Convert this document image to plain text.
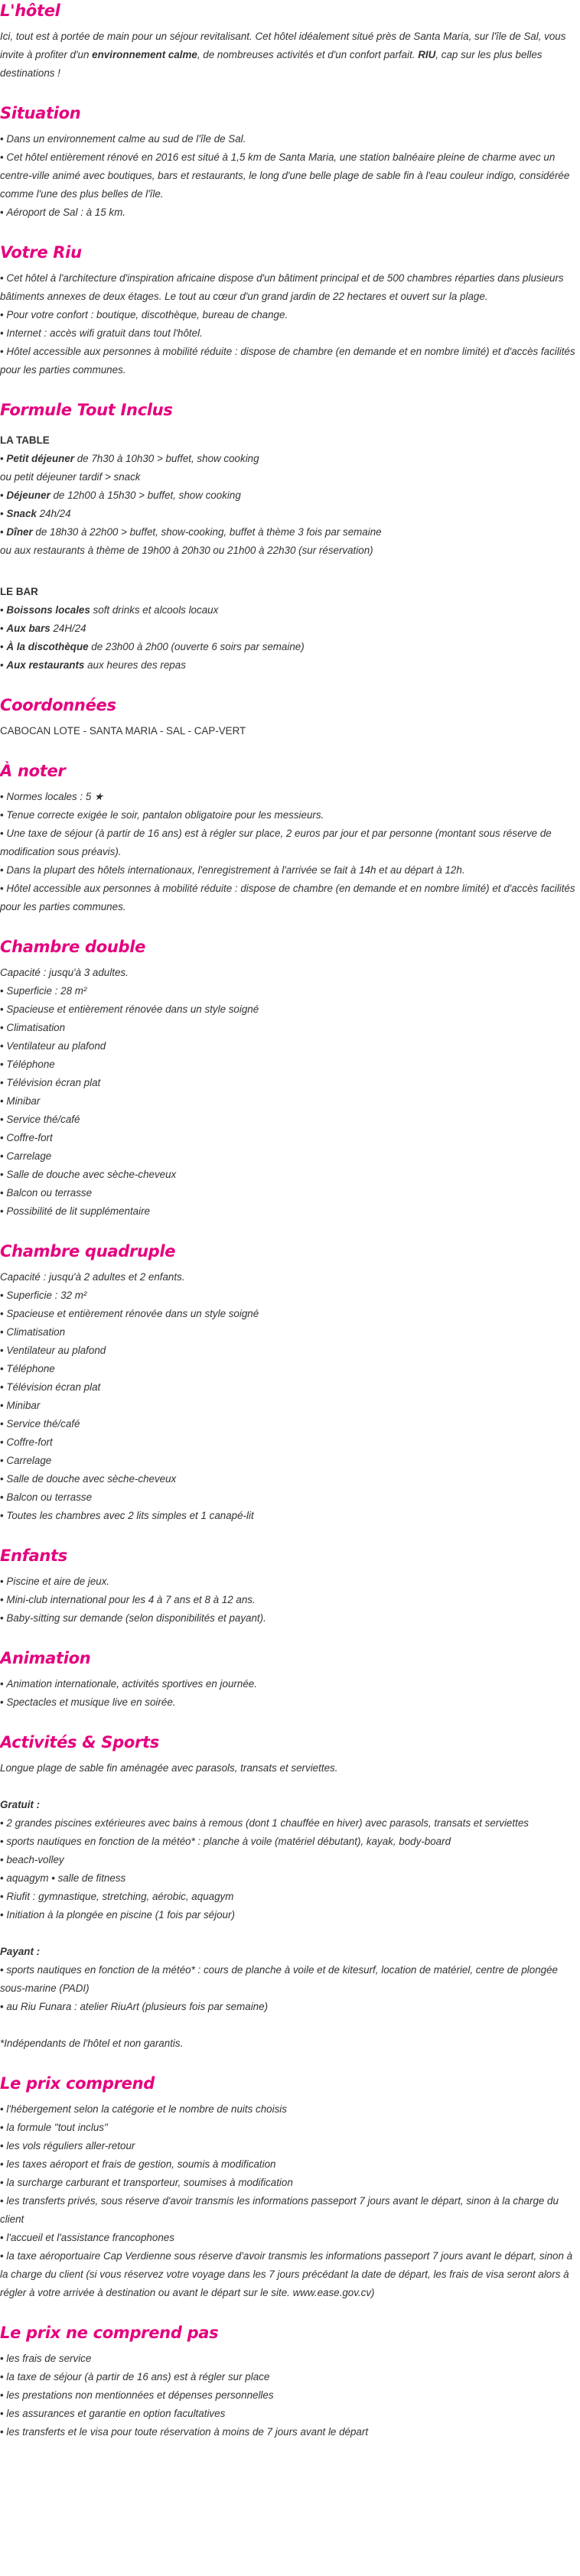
L'hôtel

Ici, tout est à portée de main pour un séjour revitalisant. Cet hôtel idéalement situé près de Santa Maria, sur l'île de Sal, vous invite à profiter d'un environnement calme, de nombreuses activités et d'un confort parfait. RIU, cap sur les plus belles destinations !

Situation
• Dans un environnement calme au sud de l'île de Sal.
• Cet hôtel entièrement rénové en 2016 est situé à 1,5 km de Santa Maria, une station balnéaire pleine de charme avec un centre-ville animé avec boutiques, bars et restaurants, le long d'une belle plage de sable fin à l'eau couleur indigo, considérée comme l'une des plus belles de l'île.
• Aéroport de Sal : à 15 km.
Votre Riu
• Cet hôtel à l'architecture d'inspiration africaine dispose d'un bâtiment principal et de 500 chambres réparties dans plusieurs bâtiments annexes de deux étages. Le tout au cœur d'un grand jardin de 22 hectares et ouvert sur la plage.
• Pour votre confort : boutique, discothèque, bureau de change.
• Internet : accès wifi gratuit dans tout l'hôtel.
• Hôtel accessible aux personnes à mobilité réduite : dispose de chambre (en demande et en nombre limité) et d'accès facilités pour les parties communes.
Formule Tout Inclus
LA TABLE
• Petit déjeuner de 7h30 à 10h30 > buffet, show cooking
ou petit déjeuner tardif > snack
• Déjeuner de 12h00 à 15h30 > buffet, show cooking
• Snack 24h/24
• Dîner de 18h30 à 22h00 > buffet, show-cooking, buffet à thème 3 fois par semaine
ou aux restaurants à thème de 19h00 à 20h30 ou 21h00 à 22h30 (sur réservation)
LE BAR
• Boissons locales soft drinks et alcools locaux
• Aux bars 24H/24
• À la discothèque de 23h00 à 2h00 (ouverte 6 soirs par semaine)
• Aux restaurants aux heures des repas
Coordonnées
CABOCAN LOTE - SANTA MARIA - SAL - CAP-VERT
À noter
• Normes locales : 5 ★
• Tenue correcte exigée le soir, pantalon obligatoire pour les messieurs.
• Une taxe de séjour (à partir de 16 ans) est à régler sur place, 2 euros par jour et par personne (montant sous réserve de modification sous préavis).
• Dans la plupart des hôtels internationaux, l'enregistrement à l'arrivée se fait à 14h et au départ à 12h.
• Hôtel accessible aux personnes à mobilité réduite : dispose de chambre (en demande et en nombre limité) et d'accès facilités pour les parties communes.
Chambre double
Capacité : jusqu'à 3 adultes.
• Superficie : 28 m²
• Spacieuse et entièrement rénovée dans un style soigné
• Climatisation
• Ventilateur au plafond
• Téléphone
• Télévision écran plat
• Minibar
• Service thé/café
• Coffre-fort
• Carrelage
• Salle de douche avec sèche-cheveux
• Balcon ou terrasse
• Possibilité de lit supplémentaire
Chambre quadruple
Capacité : jusqu'à 2 adultes et 2 enfants.
• Superficie : 32 m²
• Spacieuse et entièrement rénovée dans un style soigné
• Climatisation
• Ventilateur au plafond
• Téléphone
• Télévision écran plat
• Minibar
• Service thé/café
• Coffre-fort
• Carrelage
• Salle de douche avec sèche-cheveux
• Balcon ou terrasse
• Toutes les chambres avec 2 lits simples et 1 canapé-lit
Enfants
• Piscine et aire de jeux.
• Mini-club international pour les 4 à 7 ans et 8 à 12 ans.
• Baby-sitting sur demande (selon disponibilités et payant).
Animation
• Animation internationale, activités sportives en journée.
• Spectacles et musique live en soirée.
Activités & Sports
Longue plage de sable fin aménagée avec parasols, transats et serviettes.
Gratuit :
• 2 grandes piscines extérieures avec bains à remous (dont 1 chauffée en hiver) avec parasols, transats et serviettes
• sports nautiques en fonction de la météo* : planche à voile (matériel débutant), kayak, body-board
• beach-volley
• aquagym • salle de fitness
• Riufit : gymnastique, stretching, aérobic, aquagym
• Initiation à la plongée en piscine (1 fois par séjour)
Payant :
• sports nautiques en fonction de la météo* : cours de planche à voile et de kitesurf, location de matériel, centre de plongée sous-marine (PADI)
• au Riu Funara : atelier RiuArt (plusieurs fois par semaine)
*Indépendants de l'hôtel et non garantis.
Le prix comprend
• l'hébergement selon la catégorie et le nombre de nuits choisis
• la formule "tout inclus"
• les vols réguliers aller-retour
• les taxes aéroport et frais de gestion, soumis à modification
• la surcharge carburant et transporteur, soumises à modification
• les transferts privés, sous réserve d'avoir transmis les informations passeport 7 jours avant le départ, sinon à la charge du client
• l'accueil et l'assistance francophones
• la taxe aéroportuaire Cap Verdienne sous réserve d'avoir transmis les informations passeport 7 jours avant le départ, sinon à la charge du client (si vous réservez votre voyage dans les 7 jours précédant la date de départ, les frais de visa seront alors à régler à votre arrivée à destination ou avant le départ sur le site. www.ease.gov.cv)
Le prix ne comprend pas
• les frais de service
• la taxe de séjour (à partir de 16 ans) est à régler sur place
• les prestations non mentionnées et dépenses personnelles
• les assurances et garantie en option facultatives
• les transferts et le visa pour toute réservation à moins de 7 jours avant le départ
